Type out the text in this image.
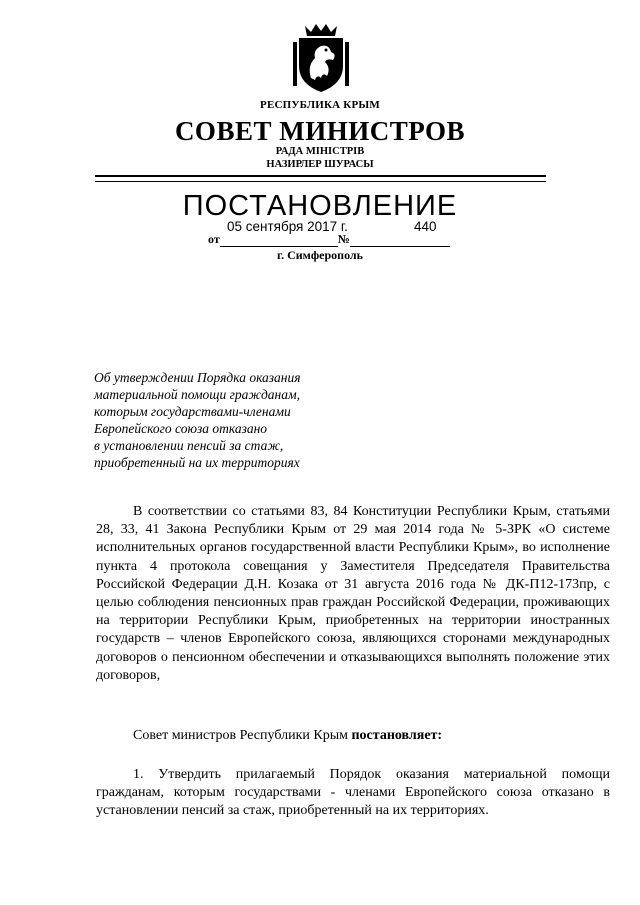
РЕСПУБЛИКА КРЫМ
СОВЕТ МИНИСТРОВ
РАДА МІНІСТРІВ
НАЗИРЛЕР ШУРАСЫ
ПОСТАНОВЛЕНИЕ
05 сентября 2017 г.	440
от	№
г. Симферополь
Об утверждении Порядка оказания
материальной помощи гражданам,
которым государствами-членами
Европейского союза отказано
в установлении пенсий за стаж,
приобретенный на их территориях
В соответствии со статьями 83, 84 Конституции Республики Крым, статьями 28, 33, 41 Закона Республики Крым от 29 мая 2014 года № 5-ЗРК «О системе исполнительных органов государственной власти Республики Крым», во исполнение пункта 4 протокола совещания у Заместителя Председателя Правительства Российской Федерации Д.Н. Козака от 31 августа 2016 года № ДК-П12-173пр, с целью соблюдения пенсионных прав граждан Российской Федерации, проживающих на территории Республики Крым, приобретенных на территории иностранных государств – членов Европейского союза, являющихся сторонами международных договоров о пенсионном обеспечении и отказывающихся выполнять положение этих договоров,
Совет министров Республики Крым постановляет:
1. Утвердить прилагаемый Порядок оказания материальной помощи гражданам, которым государствами - членами Европейского союза отказано в установлении пенсий за стаж, приобретенный на их территориях.
